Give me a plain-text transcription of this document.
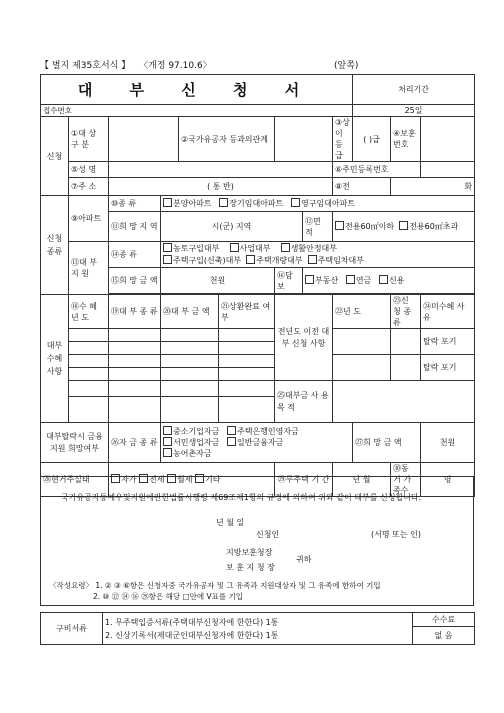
【 별지 제35호서식 】 〈개정 97.10.6〉	(앞쪽)
대 부 신 청 서									처리기간		
접수번호									25일		

신청	①대 상 구 분			②국가유공자 등과의관계				③상이 등급	( )급	④보훈 번호	
	⑤성 명							⑥주민등록번호			
	⑦주 소	( 통 반)						⑧전		화	

신청종류	⑨아파트	⑩종 류	분양아파트 장기임대아파트 영구임대아파트								
		⑪희 망 지 역	시(군) 지역				⑫면 적	전용60㎡이하 전용60㎡초과			
	⑬대 부 지 원	⑭종 류	농토구입대부 사업대부 생활안정대부
주택구입(신축)대부 주택개량대부 주택임차대부								
		⑮희 망 금 액	천원			⑯담 보	부동산 연금 신용				

대부수혜사항	⑱수 혜 년 도	⑲대 부 종 류	⑳대 부 금 액		㉑상환완료 여 부	전년도 이전 대부 신청 사항		㉒년 도		㉓신 청 종 류	㉔미수혜 사 유
											탈락 포기

											탈락 포기

						㉕대부금 사 용 목 적					

대부탈락시 금융지원 희망여부		㉖자 금 종 류	중소기업자금 주택은행인영자금
서민생업자금 일반금융자금
농어촌자금						㉗희 망 금 액		천원
㉘현거주실태		자가 전세 월세 기타				㉙무주택 기 간		년 월		㉚동 거 가족수	명
국가유공자등예우및지원에관한법률시행령 제69조제1항의 규정에 의하여 위와 같이 대부를 신청합니다.
년 월 일
신청인	(서명 또는 인)
지방보훈청장
귀하
보 훈 지 청 장
〈작성요령〉 1. ② ③ ⑥항은 신청자중 국가유공자 및 그 유족과 지원대상자 및 그 유족에 한하여 기입
2. ⑩ ⑫ ⑭ ⑯ ㉘항은 해당 □안에 V표를 기입
구비서류	
1. 무주택입증서류(주택대부신청자에 한한다) 1통
2. 신상기록서(제대군인대부신청자에 한한다) 1통
	수수료
없 음
